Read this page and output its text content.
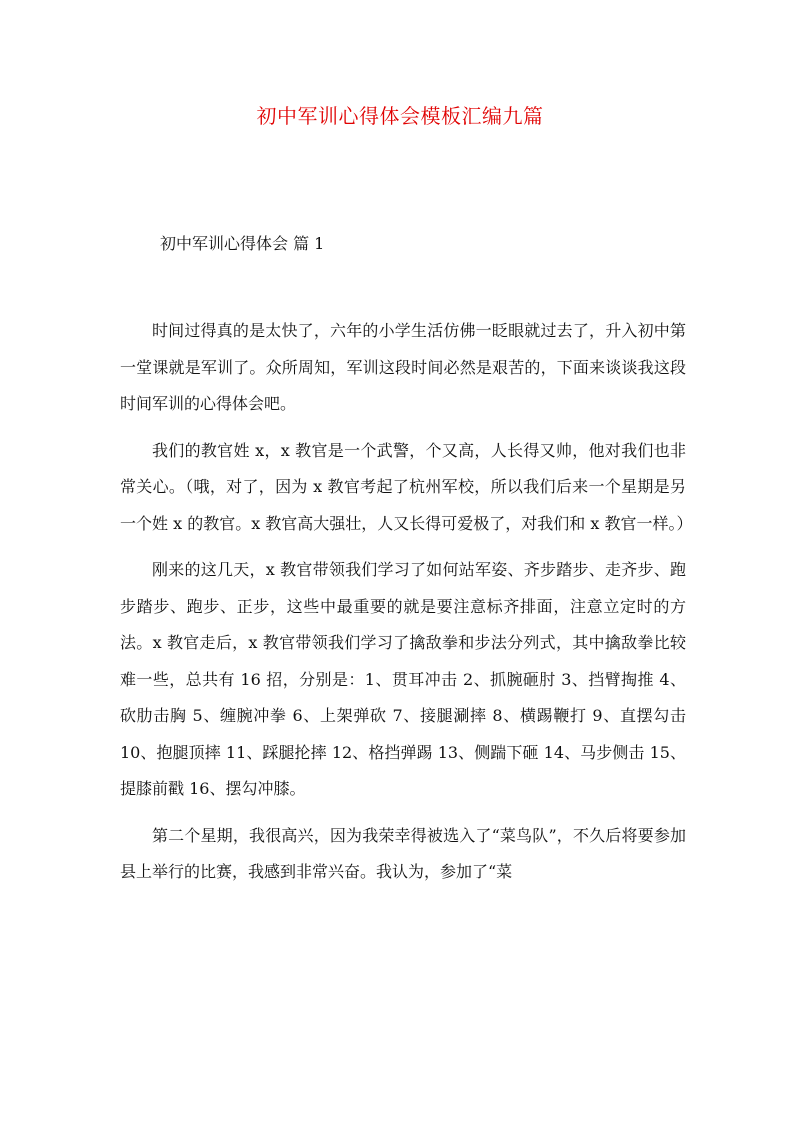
初中军训心得体会模板汇编九篇
初中军训心得体会 篇 1

时间过得真的是太快了，六年的小学生活仿佛一眨眼就过去了，升入初中第一堂课就是军训了。众所周知，军训这段时间必然是艰苦的，下面来谈谈我这段时间军训的心得体会吧。

我们的教官姓 x，x 教官是一个武警，个又高，人长得又帅，他对我们也非常关心。（哦，对了，因为 x 教官考起了杭州军校，所以我们后来一个星期是另一个姓 x 的教官。x 教官高大强壮，人又长得可爱极了，对我们和 x 教官一样。）

刚来的这几天，x 教官带领我们学习了如何站军姿、齐步踏步、走齐步、跑步踏步、跑步、正步，这些中最重要的就是要注意标齐排面，注意立定时的方法。x 教官走后，x 教官带领我们学习了擒敌拳和步法分列式，其中擒敌拳比较难一些，总共有 16 招，分别是：1、贯耳冲击 2、抓腕砸肘 3、挡臂掏推 4、砍肋击胸 5、缠腕冲拳 6、上架弹砍 7、接腿涮摔 8、横踢鞭打 9、直摆勾击 10、抱腿顶摔 11、踩腿抡摔 12、格挡弹踢 13、侧踹下砸 14、马步侧击 15、提膝前戳 16、摆勾冲膝。

第二个星期，我很高兴，因为我荣幸得被选入了“菜鸟队”，不久后将要参加县上举行的比赛，我感到非常兴奋。我认为，参加了“菜
